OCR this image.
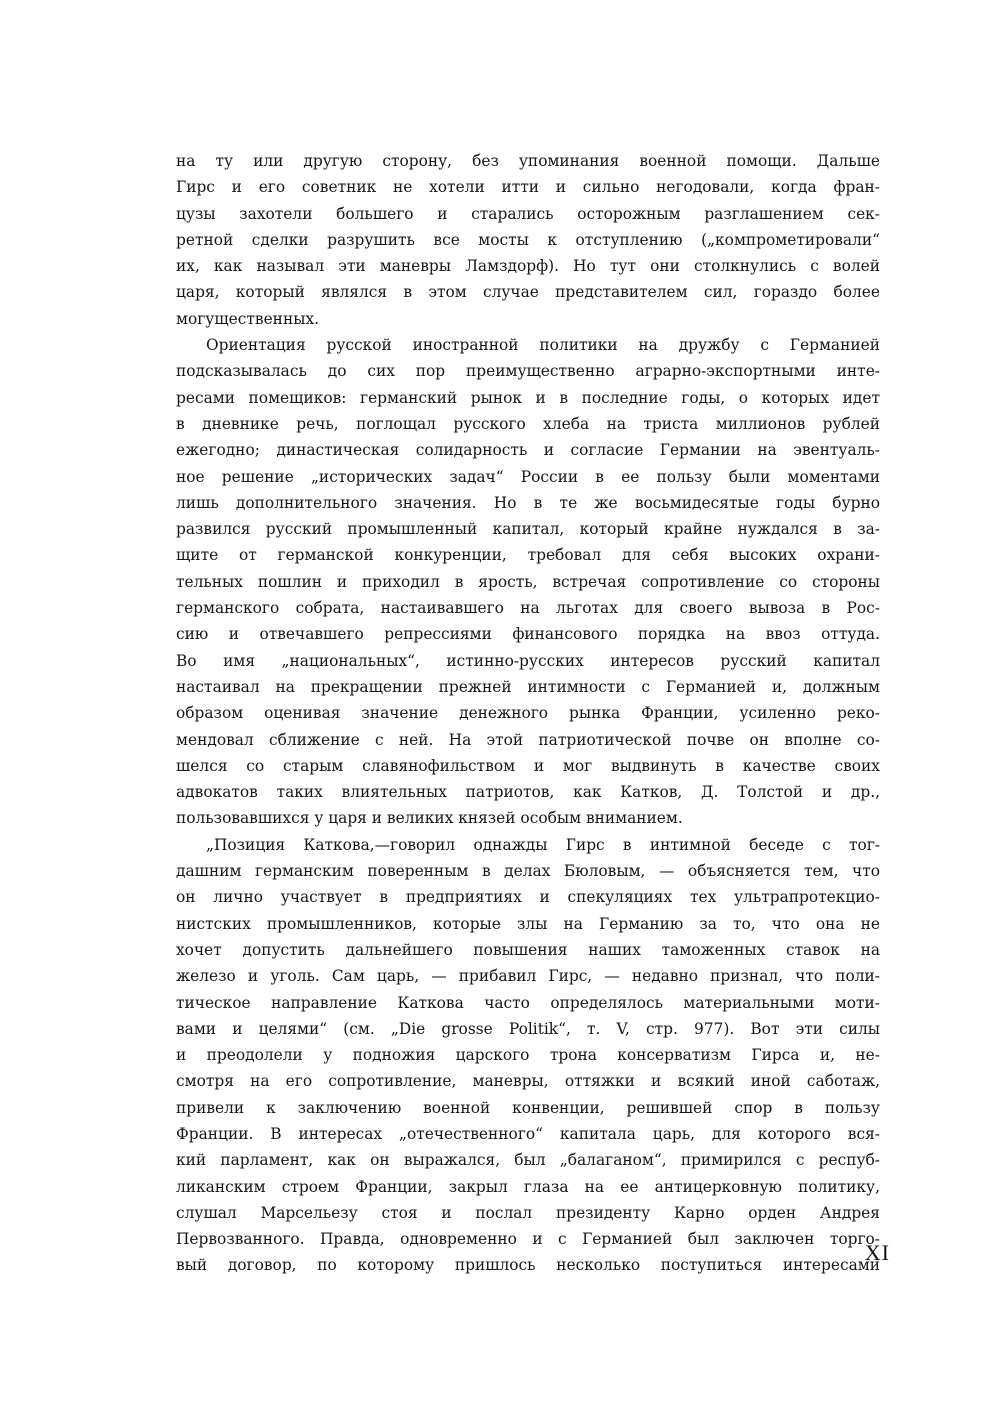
на ту или другую сторону, без упоминания военной помощи. Дальше
Гирс и его советник не хотели итти и сильно негодовали, когда фран-
цузы захотели большего и старались осторожным разглашением сек-
ретной сделки разрушить все мосты к отступлению („компрометировали“
их, как называл эти маневры Ламздорф). Но тут они столкнулись с волей
царя, который являлся в этом случае представителем сил, гораздо более
могущественных.

Ориентация русской иностранной политики на дружбу с Германией
подсказывалась до сих пор преимущественно аграрно-экспортными инте-
ресами помещиков: германский рынок и в последние годы, о которых идет
в дневнике речь, поглощал русского хлеба на триста миллионов рублей
ежегодно; династическая солидарность и согласие Германии на эвентуаль-
ное решение „исторических задач“ России в ее пользу были моментами
лишь дополнительного значения. Но в те же восьмидесятые годы бурно
развился русский промышленный капитал, который крайне нуждался в за-
щите от германской конкуренции, требовал для себя высоких охрани-
тельных пошлин и приходил в ярость, встречая сопротивление со стороны
германского собрата, настаивавшего на льготах для своего вывоза в Рос-
сию и отвечавшего репрессиями финансового порядка на ввоз оттуда.
Во имя „национальных“, истинно-русских интересов русский капитал
настаивал на прекращении прежней интимности с Германией и, должным
образом оценивая значение денежного рынка Франции, усиленно реко-
мендовал сближение с ней. На этой патриотической почве он вполне со-
шелся со старым славянофильством и мог выдвинуть в качестве своих
адвокатов таких влиятельных патриотов, как Катков, Д. Толстой и др.,
пользовавшихся у царя и великих князей особым вниманием.

„Позиция Каткова,—говорил однажды Гирс в интимной беседе с тог-
дашним германским поверенным в делах Бюловым, — объясняется тем, что
он лично участвует в предприятиях и спекуляциях тех ультрапротекцио-
нистских промышленников, которые злы на Германию за то, что она не
хочет допустить дальнейшего повышения наших таможенных ставок на
железо и уголь. Сам царь, — прибавил Гирс, — недавно признал, что поли-
тическое направление Каткова часто определялось материальными моти-
вами и целями“ (см. „Die grosse Politik“, т. V, стр. 977). Вот эти силы
и преодолели у подножия царского трона консерватизм Гирса и, не-
смотря на его сопротивление, маневры, оттяжки и всякий иной саботаж,
привели к заключению военной конвенции, решившей спор в пользу
Франции. В интересах „отечественного“ капитала царь, для которого вся-
кий парламент, как он выражался, был „балаганом“, примирился с респуб-
ликанским строем Франции, закрыл глаза на ее антицерковную политику,
слушал Марсельезу стоя и послал президенту Карно орден Андрея
Первозванного. Правда, одновременно и с Германией был заключен торго-
вый договор, по которому пришлось несколько поступиться интересами

XI
